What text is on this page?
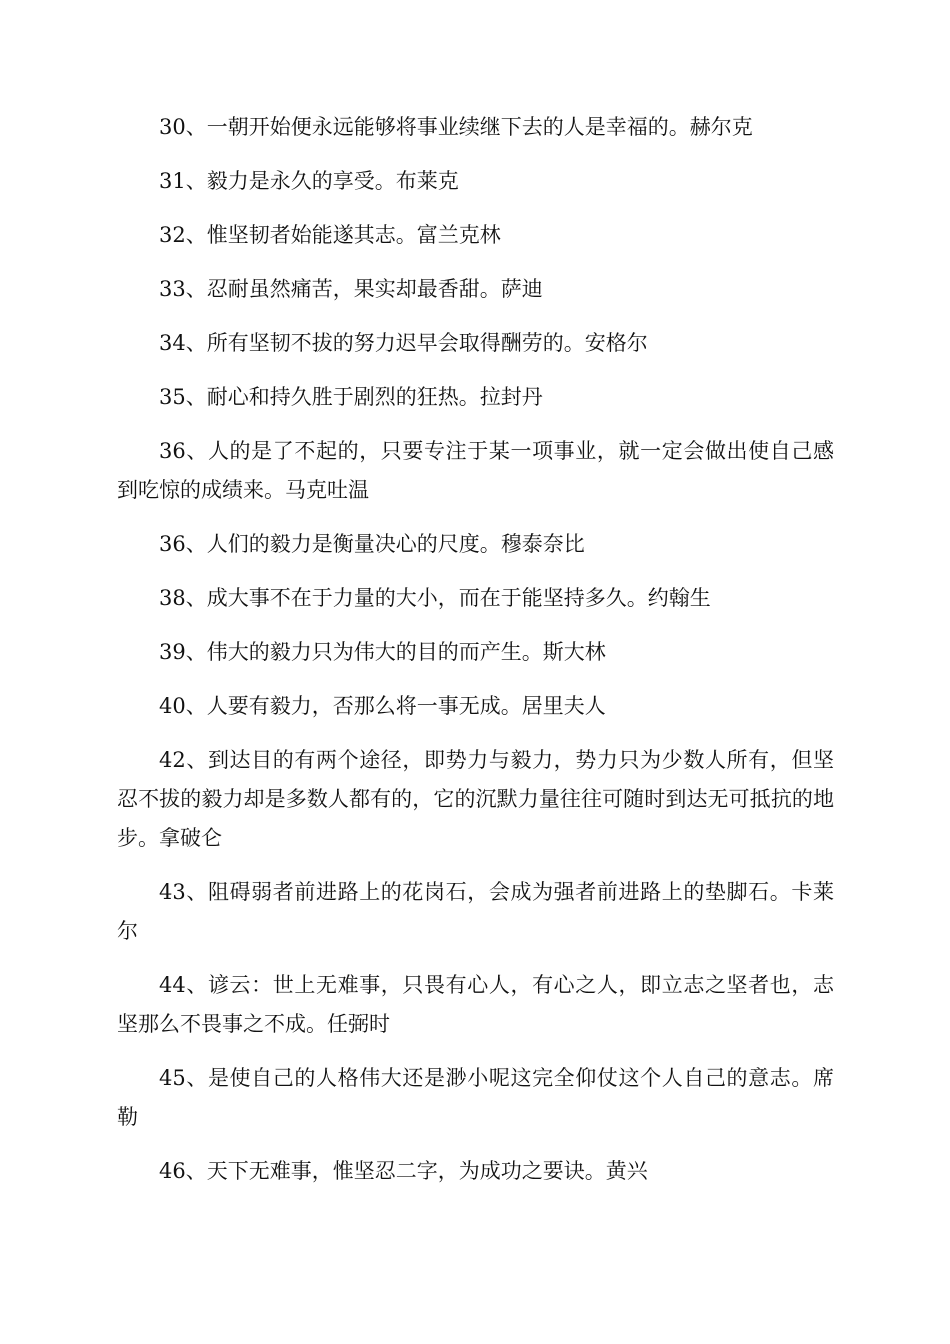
30、一朝开始便永远能够将事业续继下去的人是幸福的。赫尔克

31、毅力是永久的享受。布莱克

32、惟坚韧者始能遂其志。富兰克林

33、忍耐虽然痛苦，果实却最香甜。萨迪

34、所有坚韧不拔的努力迟早会取得酬劳的。安格尔

35、耐心和持久胜于剧烈的狂热。拉封丹

36、人的是了不起的，只要专注于某一项事业，就一定会做出使自己感到吃惊的成绩来。马克吐温

36、人们的毅力是衡量决心的尺度。穆泰奈比

38、成大事不在于力量的大小，而在于能坚持多久。约翰生

39、伟大的毅力只为伟大的目的而产生。斯大林

40、人要有毅力，否那么将一事无成。居里夫人

42、到达目的有两个途径，即势力与毅力，势力只为少数人所有，但坚忍不拔的毅力却是多数人都有的，它的沉默力量往往可随时到达无可抵抗的地步。拿破仑

43、阻碍弱者前进路上的花岗石，会成为强者前进路上的垫脚石。卡莱尔

44、谚云：世上无难事，只畏有心人，有心之人，即立志之坚者也，志坚那么不畏事之不成。任弼时

45、是使自己的人格伟大还是渺小呢这完全仰仗这个人自己的意志。席勒

46、天下无难事，惟坚忍二字，为成功之要诀。黄兴
